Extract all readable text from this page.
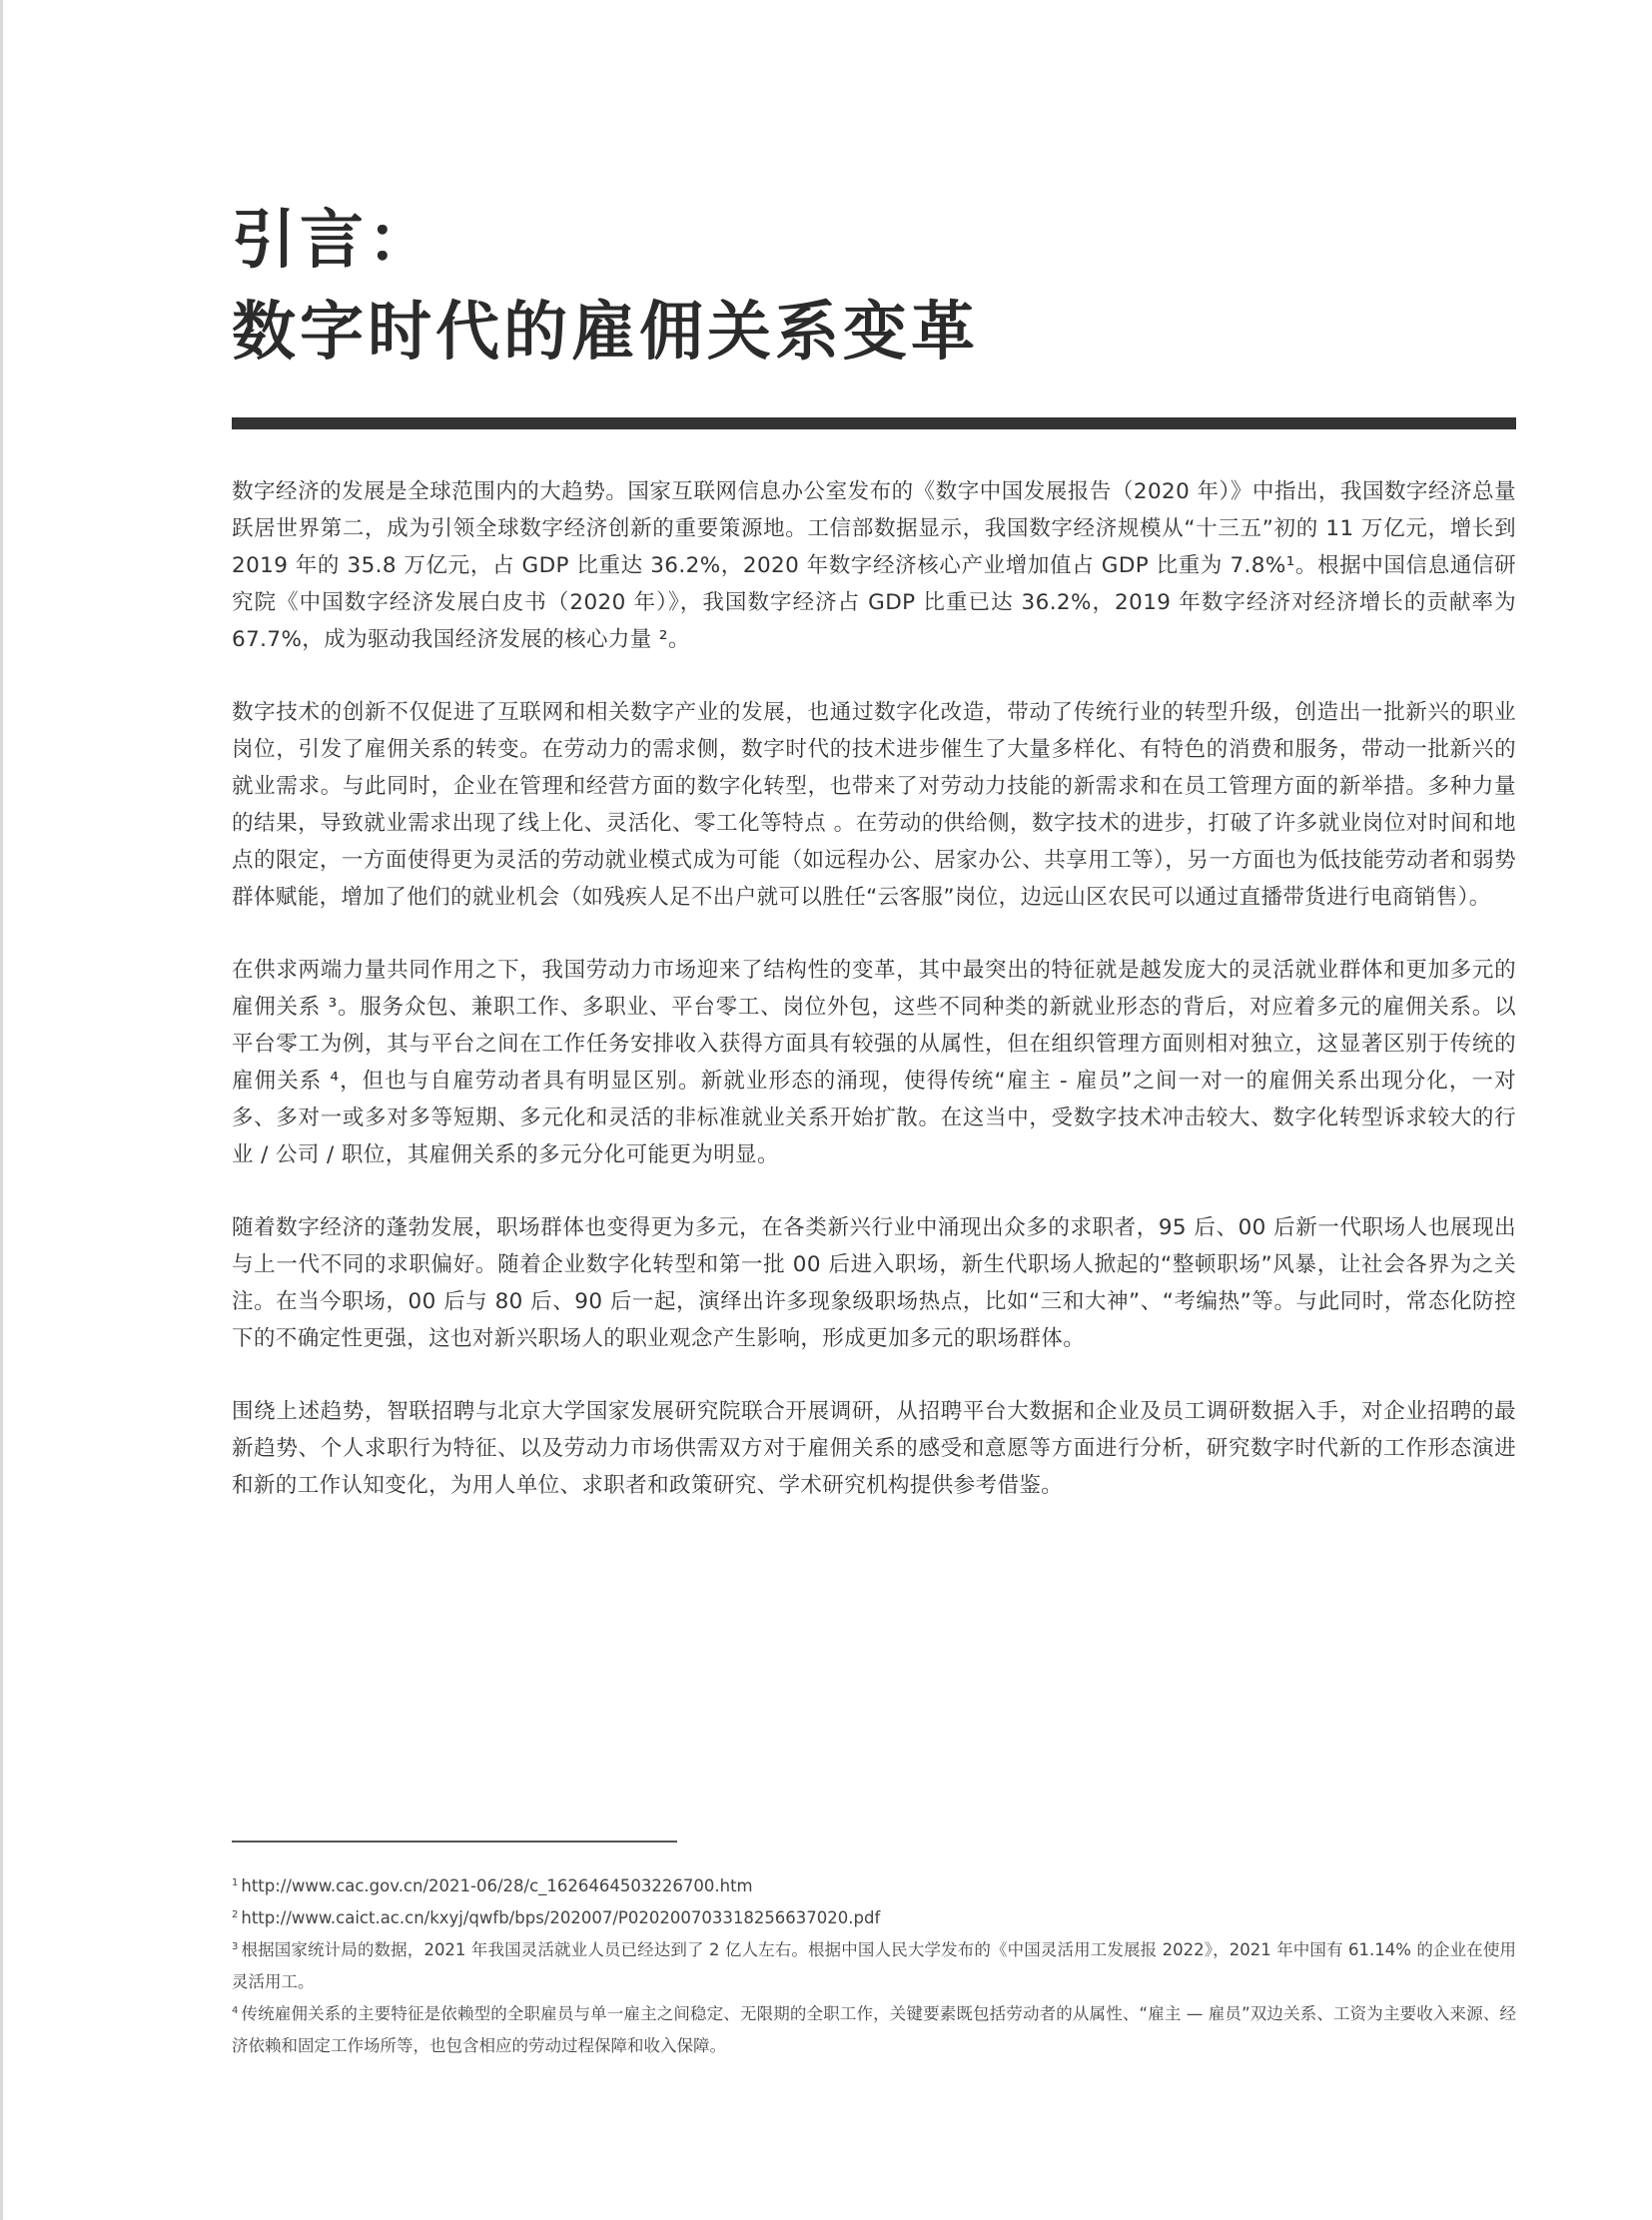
引言：
数字时代的雇佣关系变革

数字经济的发展是全球范围内的大趋势。国家互联网信息办公室发布的《数字中国发展报告（2020 年）》中指出，我国数字经济总量跃居世界第二，成为引领全球数字经济创新的重要策源地。工信部数据显示，我国数字经济规模从“十三五”初的 11 万亿元，增长到 2019 年的 35.8 万亿元，占 GDP 比重达 36.2%，2020 年数字经济核心产业增加值占 GDP 比重为 7.8%¹。根据中国信息通信研究院《中国数字经济发展白皮书（2020 年）》，我国数字经济占 GDP 比重已达 36.2%，2019 年数字经济对经济增长的贡献率为 67.7%，成为驱动我国经济发展的核心力量 ²。

数字技术的创新不仅促进了互联网和相关数字产业的发展，也通过数字化改造，带动了传统行业的转型升级，创造出一批新兴的职业岗位，引发了雇佣关系的转变。在劳动力的需求侧，数字时代的技术进步催生了大量多样化、有特色的消费和服务，带动一批新兴的就业需求。与此同时，企业在管理和经营方面的数字化转型，也带来了对劳动力技能的新需求和在员工管理方面的新举措。多种力量的结果，导致就业需求出现了线上化、灵活化、零工化等特点 。在劳动的供给侧，数字技术的进步，打破了许多就业岗位对时间和地点的限定，一方面使得更为灵活的劳动就业模式成为可能（如远程办公、居家办公、共享用工等），另一方面也为低技能劳动者和弱势群体赋能，增加了他们的就业机会（如残疾人足不出户就可以胜任“云客服”岗位，边远山区农民可以通过直播带货进行电商销售）。

在供求两端力量共同作用之下，我国劳动力市场迎来了结构性的变革，其中最突出的特征就是越发庞大的灵活就业群体和更加多元的雇佣关系 ³。服务众包、兼职工作、多职业、平台零工、岗位外包，这些不同种类的新就业形态的背后，对应着多元的雇佣关系。以平台零工为例，其与平台之间在工作任务安排收入获得方面具有较强的从属性，但在组织管理方面则相对独立，这显著区别于传统的雇佣关系 ⁴，但也与自雇劳动者具有明显区别。新就业形态的涌现，使得传统“雇主 - 雇员”之间一对一的雇佣关系出现分化，一对多、多对一或多对多等短期、多元化和灵活的非标准就业关系开始扩散。在这当中，受数字技术冲击较大、数字化转型诉求较大的行业 / 公司 / 职位，其雇佣关系的多元分化可能更为明显。

随着数字经济的蓬勃发展，职场群体也变得更为多元，在各类新兴行业中涌现出众多的求职者，95 后、00 后新一代职场人也展现出与上一代不同的求职偏好。随着企业数字化转型和第一批 00 后进入职场，新生代职场人掀起的“整顿职场”风暴，让社会各界为之关注。在当今职场，00 后与 80 后、90 后一起，演绎出许多现象级职场热点，比如“三和大神”、“考编热”等。与此同时，常态化防控下的不确定性更强，这也对新兴职场人的职业观念产生影响，形成更加多元的职场群体。

围绕上述趋势，智联招聘与北京大学国家发展研究院联合开展调研，从招聘平台大数据和企业及员工调研数据入手，对企业招聘的最新趋势、个人求职行为特征、以及劳动力市场供需双方对于雇佣关系的感受和意愿等方面进行分析，研究数字时代新的工作形态演进和新的工作认知变化，为用人单位、求职者和政策研究、学术研究机构提供参考借鉴。

$^1$ http://www.cac.gov.cn/2021-06/28/c_1626464503226700.htm
$^2$ http://www.caict.ac.cn/kxyj/qwfb/bps/202007/P020200703318256637020.pdf
$^3$ 根据国家统计局的数据，2021 年我国灵活就业人员已经达到了 2 亿人左右。根据中国人民大学发布的《中国灵活用工发展报 2022》，2021 年中国有 61.14% 的企业在使用灵活用工。
$^4$ 传统雇佣关系的主要特征是依赖型的全职雇员与单一雇主之间稳定、无限期的全职工作，关键要素既包括劳动者的从属性、“雇主 — 雇员”双边关系、工资为主要收入来源、经济依赖和固定工作场所等，也包含相应的劳动过程保障和收入保障。
